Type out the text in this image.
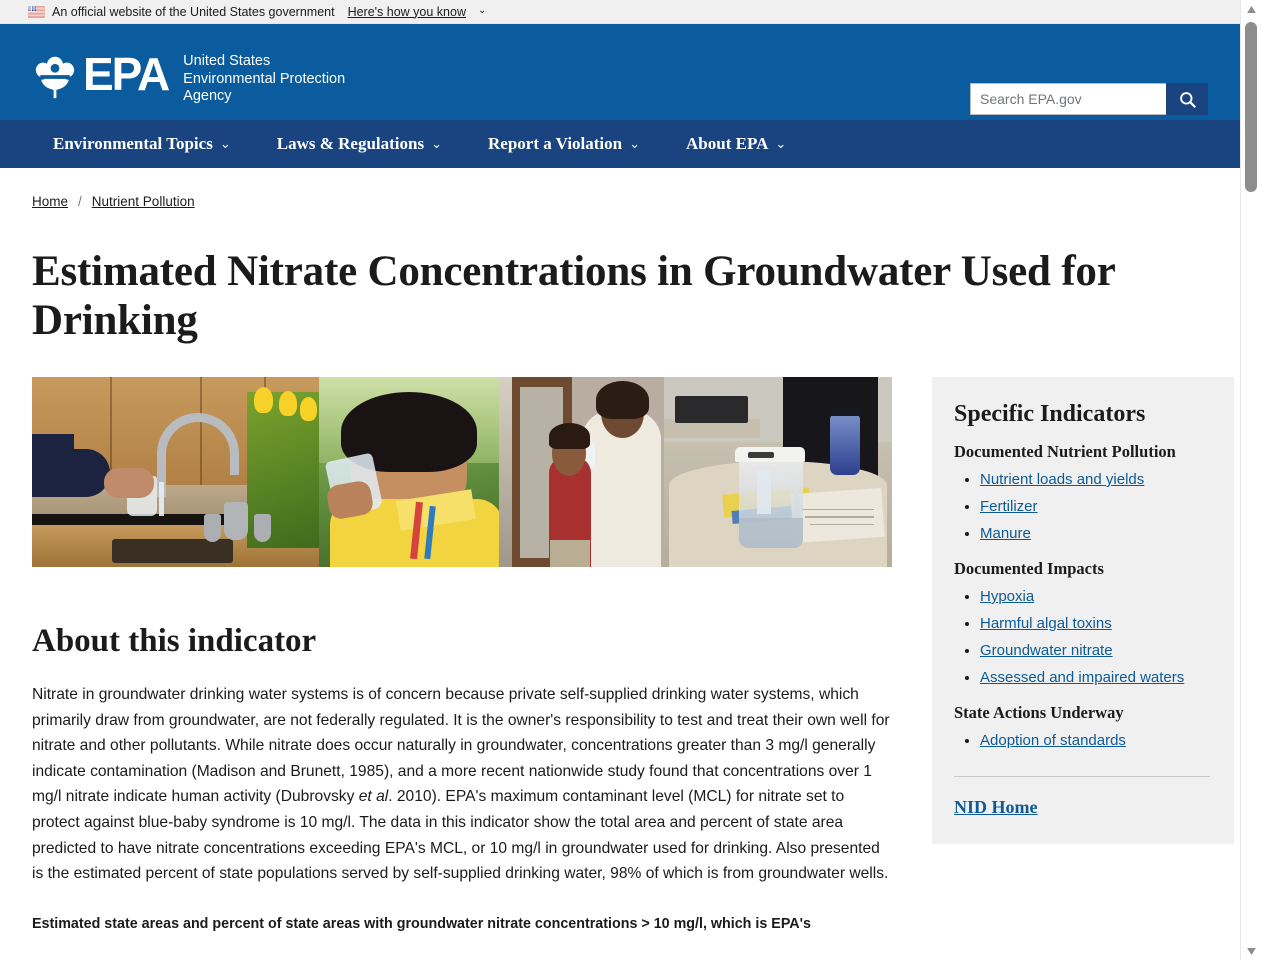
An official website of the United States government Here's how you know ⌄
EPA United States
Environmental Protection
Agency
Search EPA.gov
Environmental Topics ⌄	Laws & Regulations ⌄	Report a Violation ⌄	About EPA ⌄
Home / Nutrient Pollution
Estimated Nitrate Concentrations in Groundwater Used for Drinking
About this indicator

Nitrate in groundwater drinking water systems is of concern because private self-supplied drinking water systems, which primarily draw from groundwater, are not federally regulated. It is the owner's responsibility to test and treat their own well for nitrate and other pollutants. While nitrate does occur naturally in groundwater, concentrations greater than 3 mg/l generally indicate contamination (Madison and Brunett, 1985), and a more recent nationwide study found that concentrations over 1 mg/l nitrate indicate human activity (Dubrovsky et al. 2010). EPA's maximum contaminant level (MCL) for nitrate set to protect against blue-baby syndrome is 10 mg/l. The data in this indicator show the total area and percent of state area predicted to have nitrate concentrations exceeding EPA's MCL, or 10 mg/l in groundwater used for drinking. Also presented is the estimated percent of state populations served by self-supplied drinking water, 98% of which is from groundwater wells.

Estimated state areas and percent of state areas with groundwater nitrate concentrations > 10 mg/l, which is EPA's

Specific Indicators
Documented Nutrient Pollution
• Nutrient loads and yields
• Fertilizer
• Manure
Documented Impacts
• Hypoxia
• Harmful algal toxins
• Groundwater nitrate
• Assessed and impaired waters
State Actions Underway
• Adoption of standards
NID Home
